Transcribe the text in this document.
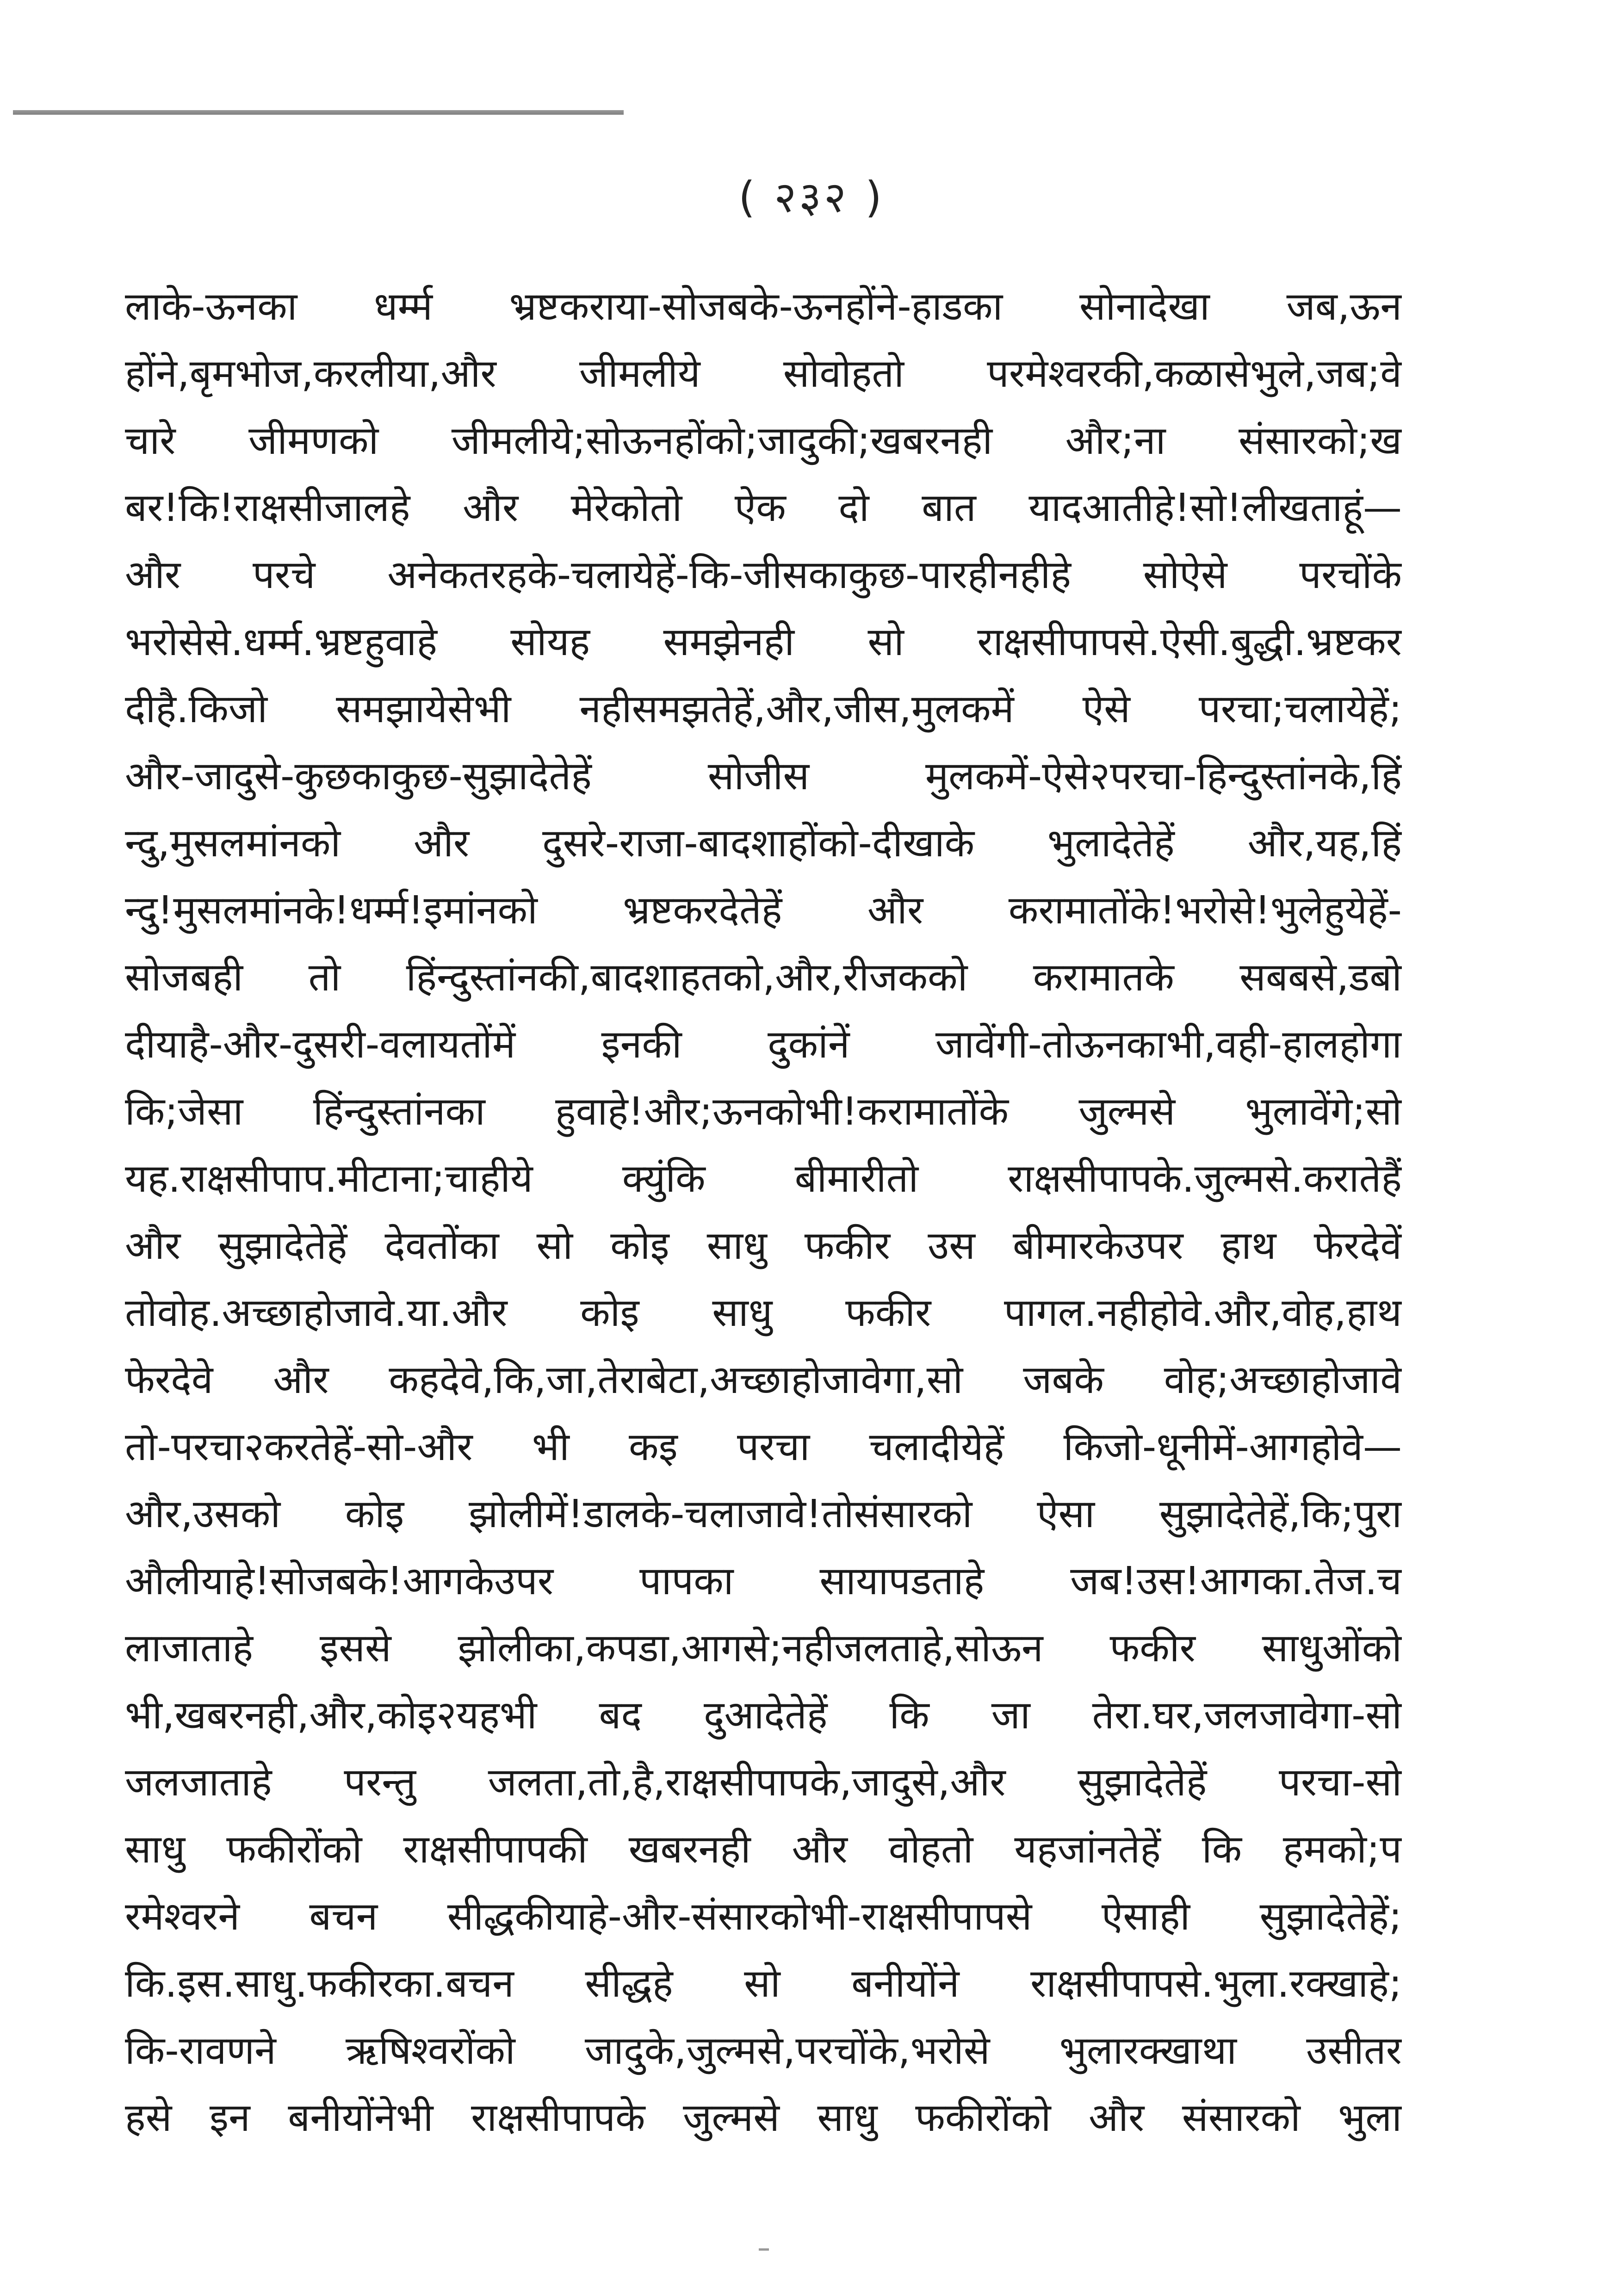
( २३२ )
लाके-ऊनका धर्म्म भ्रष्टकराया-सोजबके-ऊनहोंने-हाडका सोनादेखा जब,ऊन
होंने,बृमभोज,करलीया,और जीमलीये सोवोहतो परमेश्वरकी,कळासेभुले,जब;वे
चारे जीमणको जीमलीये;सोऊनहोंको;जादुकी;खबरनही और;ना संसारको;ख
बर!कि!राक्षसीजालहे और मेरेकोतो ऐक दो बात यादआतीहे!सो!लीखताहूं—
और परचे अनेकतरहके-चलायेहें-कि-जीसकाकुछ-पारहीनहीहे सोऐसे परचोंके
भरोसेसे.धर्म्म.भ्रष्टहुवाहे सोयह समझेनही सो राक्षसीपापसे.ऐसी.बुद्धी.भ्रष्टकर
दीहै.किजो समझायेसेभी नहीसमझतेहें,और,जीस,मुलकमें ऐसे परचा;चलायेहें;
और-जादुसे-कुछकाकुछ-सुझादेतेहें सोजीस मुलकमें-ऐसे२परचा-हिन्दुस्तांनके,हिं
न्दु,मुसलमांनको और दुसरे-राजा-बादशाहोंको-दीखाके भुलादेतेहें और,यह,हिं
न्दु!मुसलमांनके!धर्म्म!इमांनको भ्रष्टकरदेतेहें और करामातोंके!भरोसे!भुलेहुयेहें-
सोजबही तो हिंन्दुस्तांनकी,बादशाहतको,और,रीजकको करामातके सबबसे,डबो
दीयाहै-और-दुसरी-वलायतोंमें इनकी दुकांनें जावेंगी-तोऊनकाभी,वही-हालहोगा
कि;जेसा हिंन्दुस्तांनका हुवाहे!और;ऊनकोभी!करामातोंके जुल्मसे भुलावेंगे;सो
यह.राक्षसीपाप.मीटाना;चाहीये क्युंकि बीमारीतो राक्षसीपापके.जुल्मसे.करातेहैं
और सुझादेतेहें देवतोंका सो कोइ साधु फकीर उस बीमारकेउपर हाथ फेरदेवें
तोवोह.अच्छाहोजावे.या.और कोइ साधु फकीर पागल.नहीहोवे.और,वोह,हाथ
फेरदेवे और कहदेवे,कि,जा,तेराबेटा,अच्छाहोजावेगा,सो जबके वोह;अच्छाहोजावे
तो-परचा२करतेहें-सो-और भी कइ परचा चलादीयेहें किजो-धूनीमें-आगहोवे—
और,उसको कोइ झोलीमें!डालके-चलाजावे!तोसंसारको ऐसा सुझादेतेहें,कि;पुरा
औलीयाहे!सोजबके!आगकेउपर पापका सायापडताहे जब!उस!आगका.तेज.च
लाजाताहे इससे झोलीका,कपडा,आगसे;नहीजलताहे,सोऊन फकीर साधुओंको
भी,खबरनही,और,कोइ२यहभी बद दुआदेतेहें कि जा तेरा.घर,जलजावेगा-सो
जलजाताहे परन्तु जलता,तो,है,राक्षसीपापके,जादुसे,और सुझादेतेहें परचा-सो
साधु फकीरोंको राक्षसीपापकी खबरनही और वोहतो यहजांनतेहें कि हमको;प
रमेश्वरने बचन सीद्धकीयाहे-और-संसारकोभी-राक्षसीपापसे ऐसाही सुझादेतेहें;
कि.इस.साधु.फकीरका.बचन सीद्धहे सो बनीयोंने राक्षसीपापसे.भुला.रक्खाहे;
कि-रावणने ऋषिश्वरोंको जादुके,जुल्मसे,परचोंके,भरोसे भुलारक्खाथा उसीतर
हसे इन बनीयोंनेभी राक्षसीपापके जुल्मसे साधु फकीरोंको और संसारको भुला
